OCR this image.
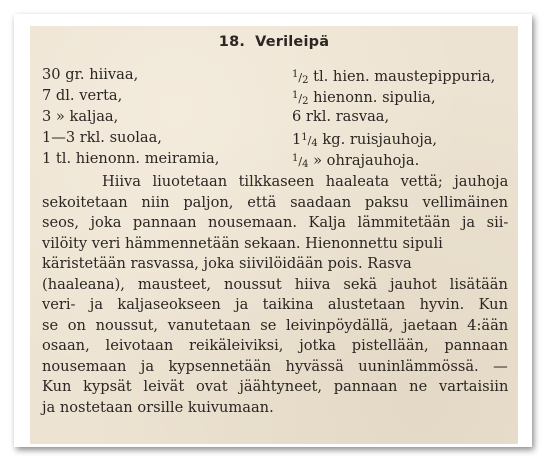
18. Verileipä
30 gr. hiivaa,	$^1/_2$ tl. hien. maustepippuria,
7 dl. verta,	$^1/_2$ hienonn. sipulia,
3 » kaljaa,	6 rkl. rasvaa,
1—3 rkl. suolaa,	$1^1/_4$ kg. ruisjauhoja,
1 tl. hienonn. meiramia,	$^1/_4$ » ohrajauhoja.
Hiiva liuotetaan tilkkaseen haaleata vettä; jauhoja
sekoitetaan niin paljon, että saadaan paksu vellimäinen
seos, joka pannaan nousemaan. Kalja lämmitetään ja sii-
vilöity veri hämmennetään sekaan. Hienonnettu sipuli
käristetään rasvassa, joka siivilöidään pois. Rasva
(haaleana), mausteet, noussut hiiva sekä jauhot lisätään
veri- ja kaljaseokseen ja taikina alustetaan hyvin. Kun
se on noussut, vanutetaan se leivinpöydällä, jaetaan 4:ään
osaan, leivotaan reikäleiviksi, jotka pistellään, pannaan
nousemaan ja kypsennetään hyvässä uuninlämmössä. —
Kun kypsät leivät ovat jäähtyneet, pannaan ne vartaisiin
ja nostetaan orsille kuivumaan.
